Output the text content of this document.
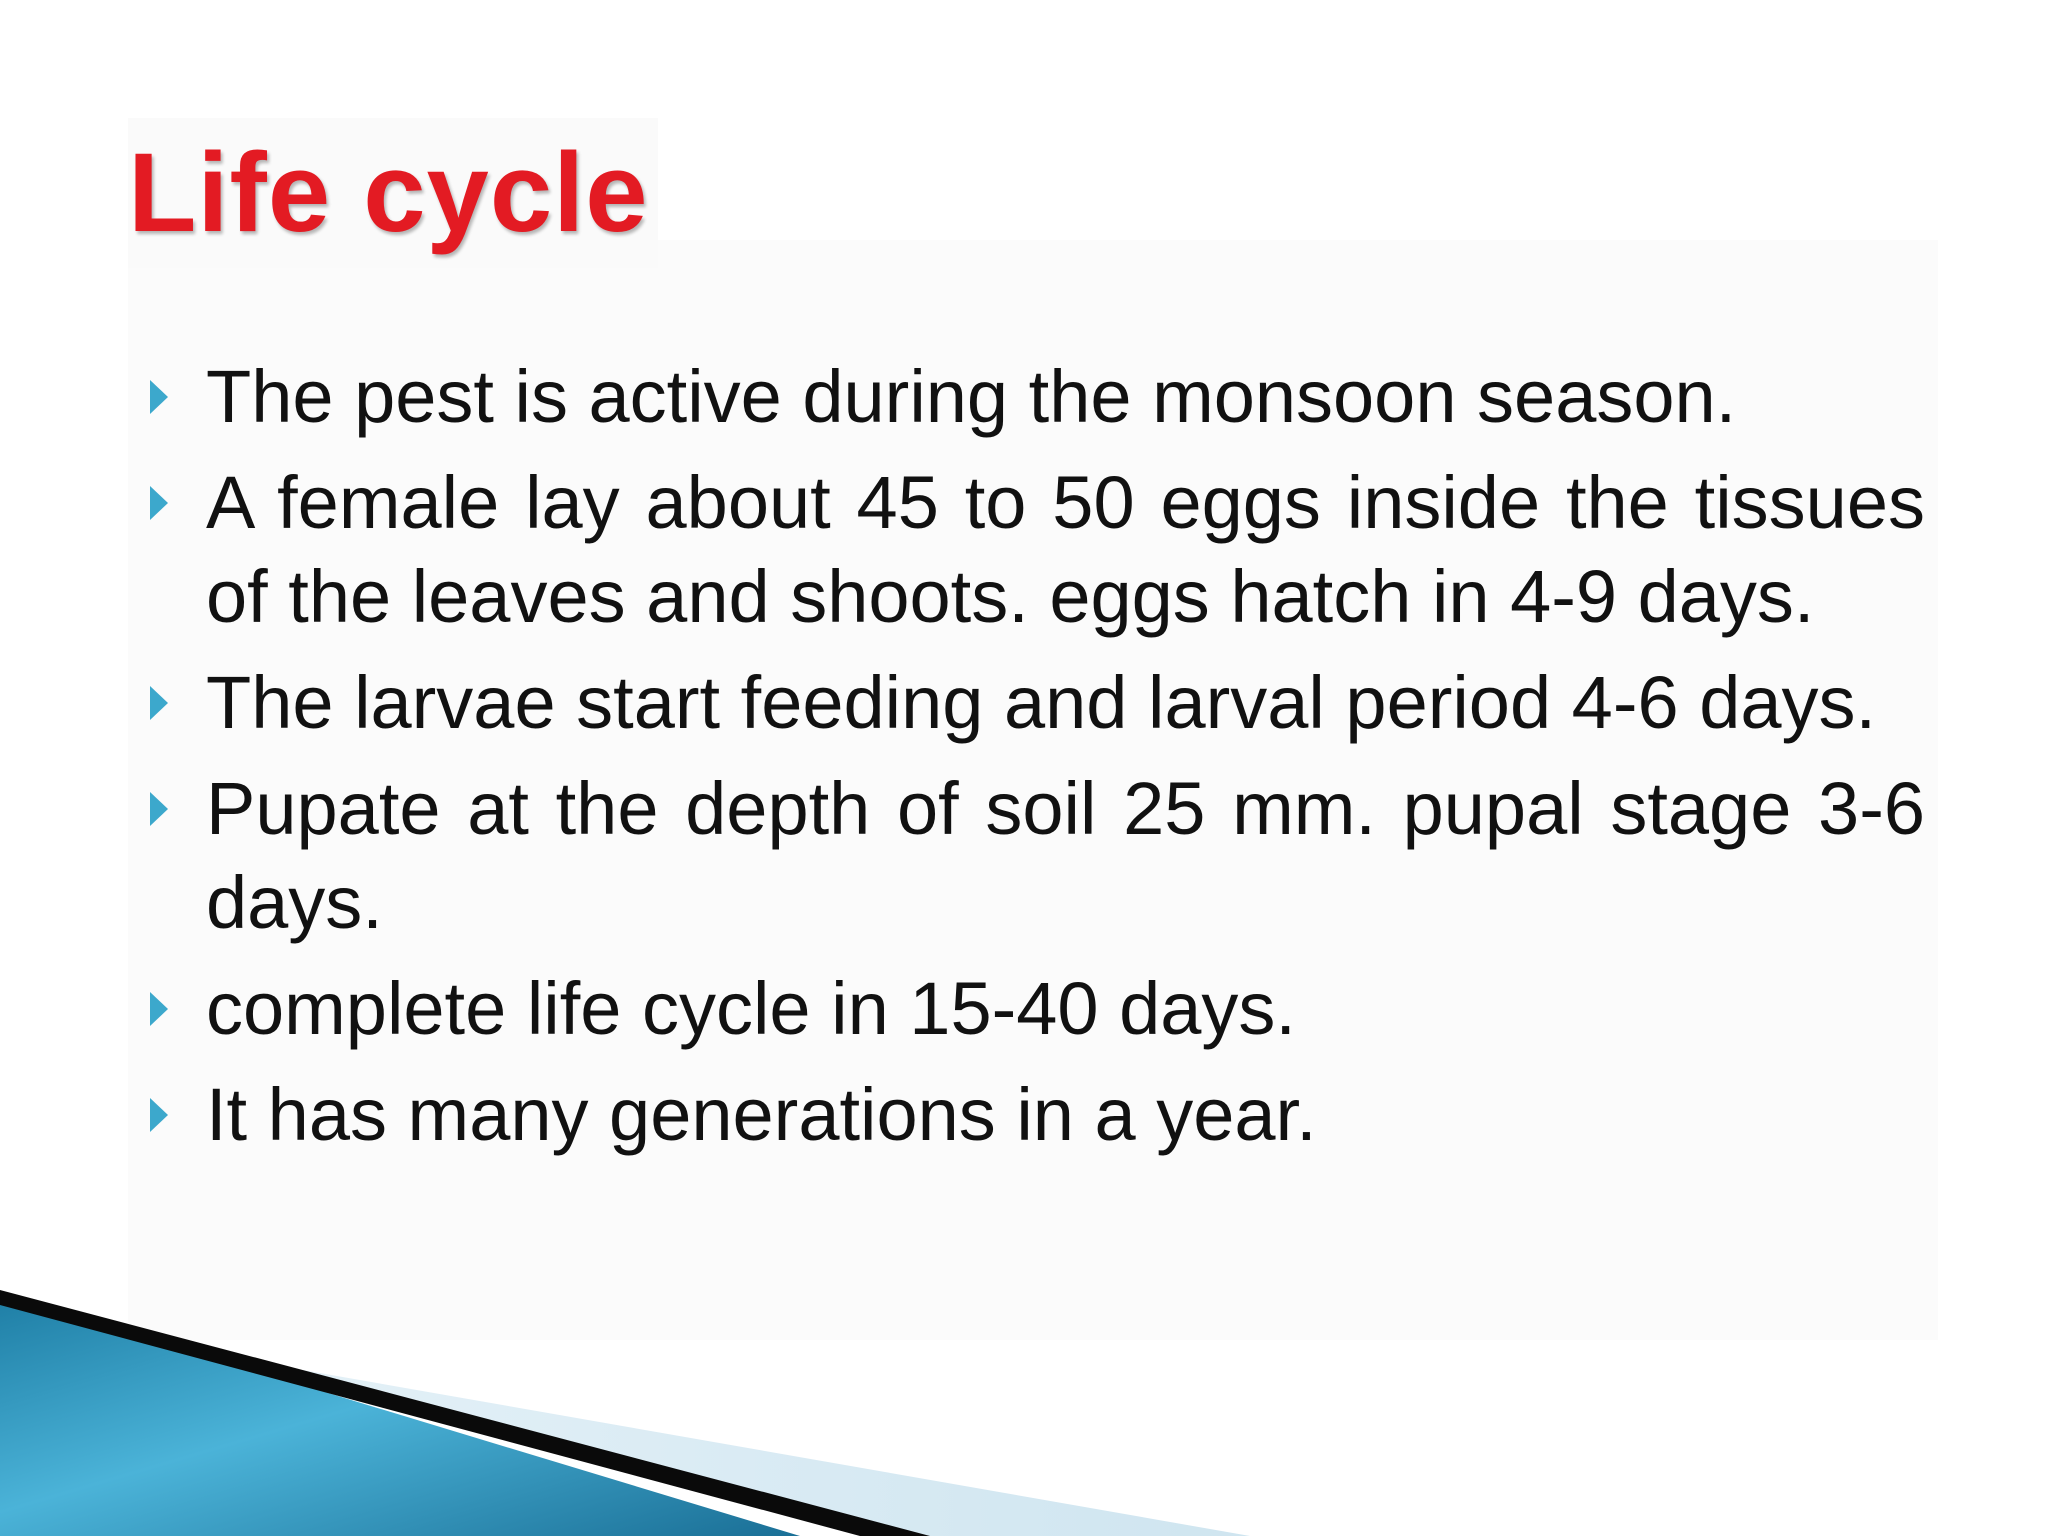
Life cycle
The pest is active during the monsoon season.
A female lay about 45 to 50 eggs inside the tissues of the leaves and shoots. eggs hatch in 4-9 days.
The larvae start feeding and larval period 4-6 days.
Pupate at the depth of soil 25 mm. pupal stage 3-6 days.
complete life cycle in 15-40 days.
It has many generations in a year.
